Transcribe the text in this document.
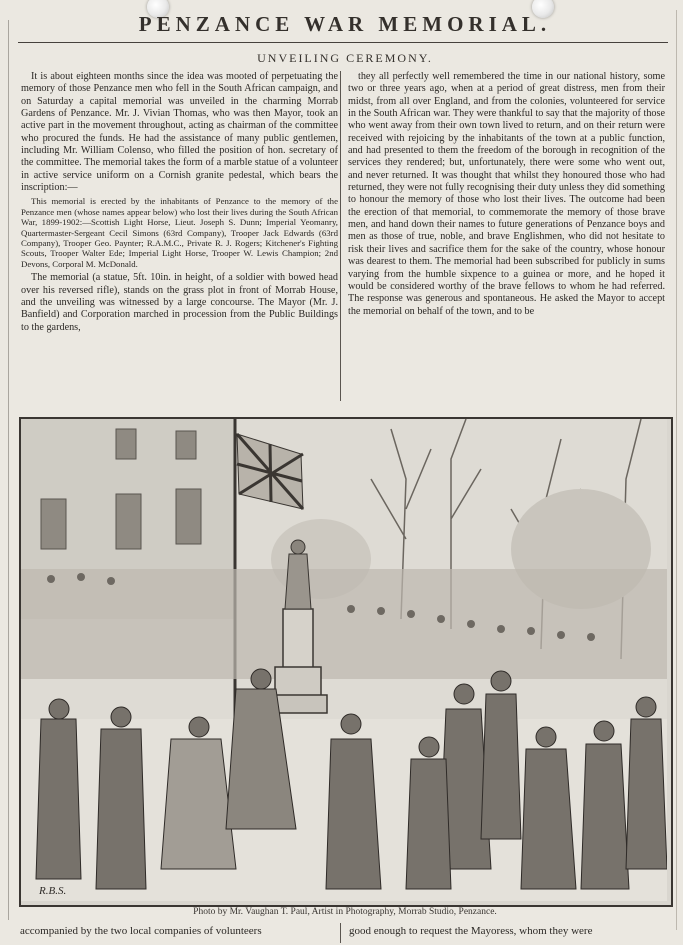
PENZANCE WAR MEMORIAL.
UNVEILING CEREMONY.

It is about eighteen months since the idea was mooted of perpetuating the memory of those Penzance men who fell in the South African campaign, and on Saturday a capital memorial was unveiled in the charming Morrab Gardens of Penzance. Mr. J. Vivian Thomas, who was then Mayor, took an active part in the movement throughout, acting as chairman of the committee who procured the funds. He had the assistance of many public gentlemen, including Mr. William Colenso, who filled the position of hon. secretary of the committee. The memorial takes the form of a marble statue of a volunteer in active service uniform on a Cornish granite pedestal, which bears the inscription:—

This memorial is erected by the inhabitants of Penzance to the memory of the Penzance men (whose names appear below) who lost their lives during the South African War, 1899-1902:—Scottish Light Horse, Lieut. Joseph S. Dunn; Imperial Yeomanry, Quartermaster-Sergeant Cecil Simons (63rd Company), Trooper Jack Edwards (63rd Company), Trooper Geo. Paynter; R.A.M.C., Private R. J. Rogers; Kitchener's Fighting Scouts, Trooper Walter Ede; Imperial Light Horse, Trooper W. Lewis Champion; 2nd Devons, Corporal M. McDonald.

The memorial (a statue, 5ft. 10in. in height, of a soldier with bowed head over his reversed rifle), stands on the grass plot in front of Morrab House, and the unveiling was witnessed by a large concourse. The Mayor (Mr. J. Banfield) and Corporation marched in procession from the Public Buildings to the gardens,

they all perfectly well remembered the time in our national history, some two or three years ago, when at a period of great distress, men from their midst, from all over England, and from the colonies, volunteered for service in the South African war. They were thankful to say that the majority of those who went away from their own town lived to return, and on their return were received with rejoicing by the inhabitants of the town at a public function, and had presented to them the freedom of the borough in recognition of the services they rendered; but, unfortunately, there were some who went out, and never returned. It was thought that whilst they honoured those who had returned, they were not fully recognising their duty unless they did something to honour the memory of those who lost their lives. The outcome had been the erection of that memorial, to commemorate the memory of those brave men, and hand down their names to future generations of Penzance boys and men as those of true, noble, and brave Englishmen, who did not hesitate to risk their lives and sacrifice them for the sake of the country, whose honour was dearest to them. The memorial had been subscribed for publicly in sums varying from the humble sixpence to a guinea or more, and he hoped it would be considered worthy of the brave fellows to whom he had referred. The response was generous and spontaneous. He asked the Mayor to accept the memorial on behalf of the town, and to be

R.B.S.
Photo by Mr. Vaughan T. Paul, Artist in Photography, Morrab Studio, Penzance.
accompanied by the two local companies of volunteers	good enough to request the Mayoress, whom they were
